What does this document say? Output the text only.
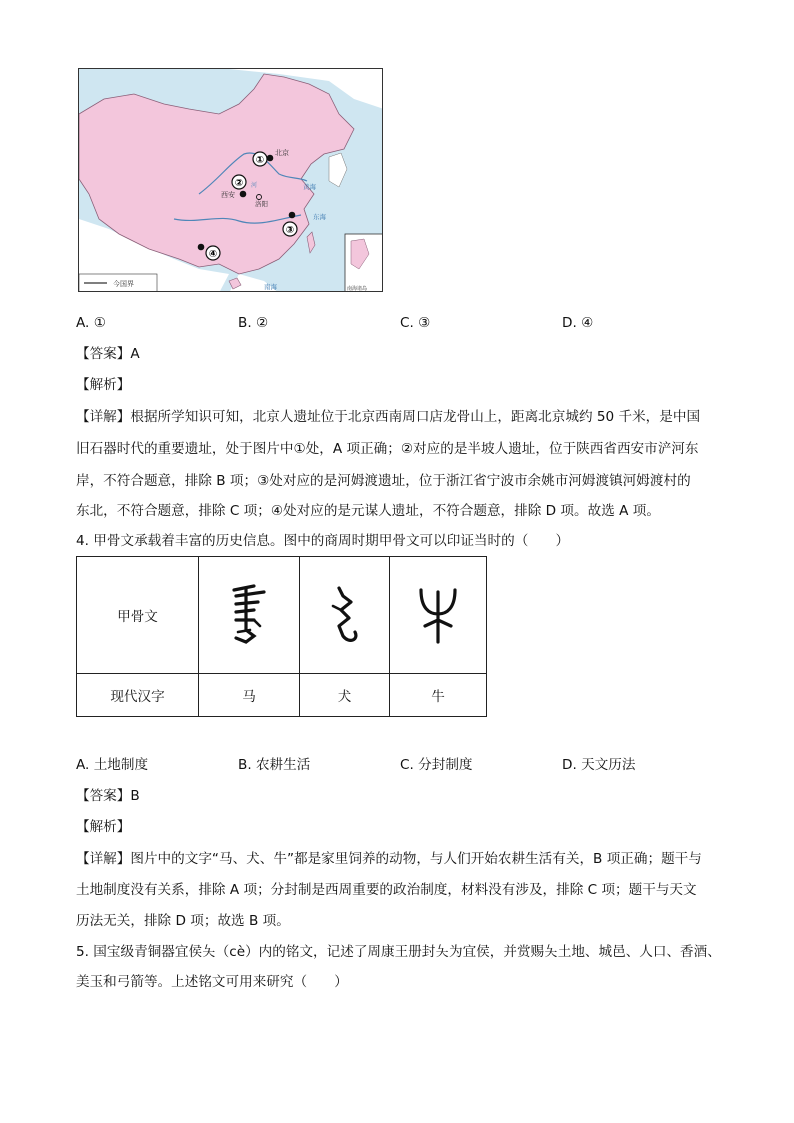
①
②
③
④
北京
西安
洛阳
河	黄海
东海
南海	南海诸岛
今国界
A. ①	B. ②	C. ③	D. ④
【答案】A
【解析】
【详解】根据所学知识可知，北京人遗址位于北京西南周口店龙骨山上，距离北京城约 50 千米，是中国
旧石器时代的重要遗址，处于图片中①处，A 项正确；②对应的是半坡人遗址，位于陕西省西安市浐河东
岸，不符合题意，排除 B 项；③处对应的是河姆渡遗址，位于浙江省宁波市余姚市河姆渡镇河姆渡村的
东北，不符合题意，排除 C 项；④处对应的是元谋人遗址，不符合题意，排除 D 项。故选 A 项。
4. 甲骨文承载着丰富的历史信息。图中的商周时期甲骨文可以印证当时的（　　）
甲骨文
现代汉字	马	犬	牛
A. 土地制度	B. 农耕生活	C. 分封制度	D. 天文历法
【答案】B
【解析】
【详解】图片中的文字“马、犬、牛”都是家里饲养的动物，与人们开始农耕生活有关，B 项正确；题干与
土地制度没有关系，排除 A 项；分封制是西周重要的政治制度，材料没有涉及，排除 C 项；题干与天文
历法无关，排除 D 项；故选 B 项。
5. 国宝级青铜器宜侯夨（cè）内的铭文，记述了周康王册封夨为宜侯，并赏赐夨土地、城邑、人口、香酒、
美玉和弓箭等。上述铭文可用来研究（　　）
